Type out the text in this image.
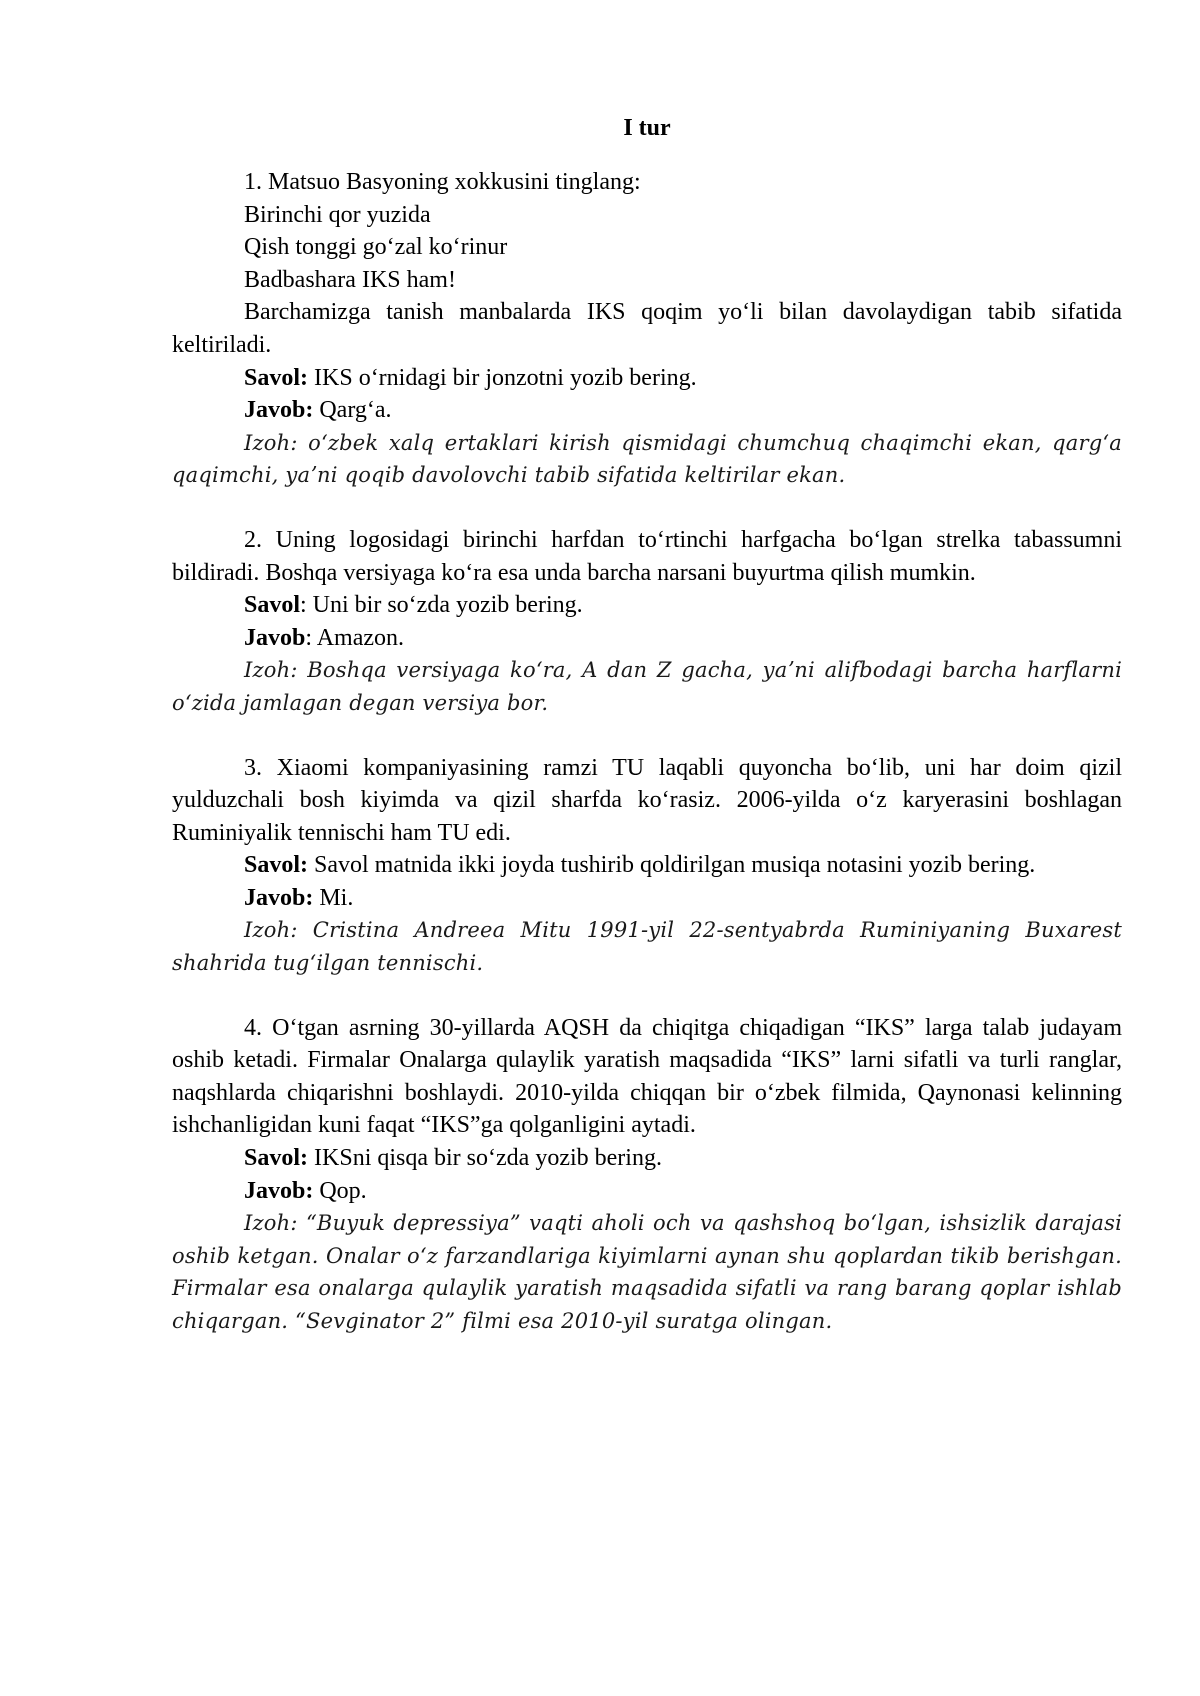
I tur

1. Matsuo Basyoning xokkusini tinglang:

Birinchi qor yuzida

Qish tonggi goʻzal koʻrinur

Badbashara IKS ham!

Barchamizga tanish manbalarda IKS qoqim yoʻli bilan davolaydigan tabib sifatida keltiriladi.

Savol: IKS oʻrnidagi bir jonzotni yozib bering.

Javob: Qargʻa.

Izoh: oʻzbek xalq ertaklari kirish qismidagi chumchuq chaqimchi ekan, qargʻa qaqimchi, yaʼni qoqib davolovchi tabib sifatida keltirilar ekan.

2. Uning logosidagi birinchi harfdan toʻrtinchi harfgacha boʻlgan strelka tabassumni bildiradi. Boshqa versiyaga koʻra esa unda barcha narsani buyurtma qilish mumkin.

Savol: Uni bir soʻzda yozib bering.

Javob: Amazon.

Izoh: Boshqa versiyaga koʻra, A dan Z gacha, yaʼni alifbodagi barcha harflarni oʻzida jamlagan degan versiya bor.

3. Xiaomi kompaniyasining ramzi TU laqabli quyoncha boʻlib, uni har doim qizil yulduzchali bosh kiyimda va qizil sharfda koʻrasiz. 2006-yilda oʻz karyerasini boshlagan Ruminiyalik tennischi ham TU edi.

Savol: Savol matnida ikki joyda tushirib qoldirilgan musiqa notasini yozib bering.

Javob: Mi.

Izoh: Cristina Andreea Mitu 1991-yil 22-sentyabrda Ruminiyaning Buxarest shahrida tugʻilgan tennischi.

4. Oʻtgan asrning 30-yillarda AQSH da chiqitga chiqadigan “IKS” larga talab judayam oshib ketadi. Firmalar Onalarga qulaylik yaratish maqsadida “IKS” larni sifatli va turli ranglar, naqshlarda chiqarishni boshlaydi. 2010-yilda chiqqan bir oʻzbek filmida, Qaynonasi kelinning ishchanligidan kuni faqat “IKS”ga qolganligini aytadi.

Savol: IKSni qisqa bir soʻzda yozib bering.

Javob: Qop.

Izoh: “Buyuk depressiya” vaqti aholi och va qashshoq boʻlgan, ishsizlik darajasi oshib ketgan. Onalar oʻz farzandlariga kiyimlarni aynan shu qoplardan tikib berishgan. Firmalar esa onalarga qulaylik yaratish maqsadida sifatli va rang barang qoplar ishlab chiqargan. “Sevginator 2” filmi esa 2010-yil suratga olingan.
